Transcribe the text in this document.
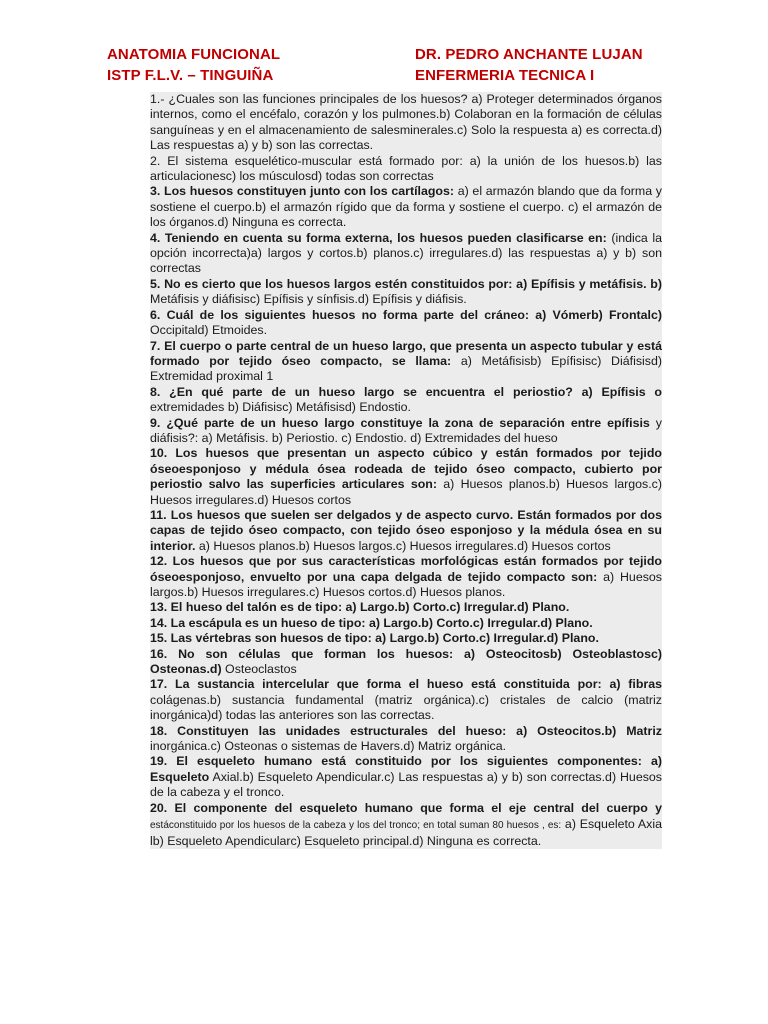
ANATOMIA FUNCIONAL
ISTP F.L.V. – TINGUIÑA
DR. PEDRO ANCHANTE LUJAN
ENFERMERIA TECNICA I
1.- ¿Cuales son las funciones principales de los huesos? a) Proteger determinados órganos internos, como el encéfalo, corazón y los pulmones.b) Colaboran en la formación de células sanguíneas y en el almacenamiento de salesminerales.c) Solo la respuesta a) es correcta.d) Las respuestas a) y b) son las correctas.
2. El sistema esquelético-muscular está formado por: a) la unión de los huesos.b) las articulacionesc) los músculosd) todas son correctas
3. Los huesos constituyen junto con los cartílagos: a) el armazón blando que da forma y sostiene el cuerpo.b) el armazón rígido que da forma y sostiene el cuerpo. c) el armazón de los órganos.d) Ninguna es correcta.
4. Teniendo en cuenta su forma externa, los huesos pueden clasificarse en: (indica la opción incorrecta)a) largos y cortos.b) planos.c) irregulares.d) las respuestas a) y b) son correctas
5. No es cierto que los huesos largos estén constituidos por: a) Epífisis y metáfisis. b) Metáfisis y diáfisisc) Epífisis y sínfisis.d) Epífisis y diáfisis.
6. Cuál de los siguientes huesos no forma parte del cráneo: a) Vómerb) Frontalc) Occipitald) Etmoides.
7. El cuerpo o parte central de un hueso largo, que presenta un aspecto tubular y está formado por tejido óseo compacto, se llama: a) Metáfisisb) Epífisisc) Diáfisisd) Extremidad proximal 1
8. ¿En qué parte de un hueso largo se encuentra el periostio? a) Epífisis o extremidades b) Diáfisisc) Metáfisisd) Endostio.
9. ¿Qué parte de un hueso largo constituye la zona de separación entre epífisis y diáfisis?: a) Metáfisis. b) Periostio. c) Endostio. d) Extremidades del hueso
10. Los huesos que presentan un aspecto cúbico y están formados por tejido óseoesponjoso y médula ósea rodeada de tejido óseo compacto, cubierto por periostio salvo las superficies articulares son: a) Huesos planos.b) Huesos largos.c) Huesos irregulares.d) Huesos cortos
11. Los huesos que suelen ser delgados y de aspecto curvo. Están formados por dos capas de tejido óseo compacto, con tejido óseo esponjoso y la médula ósea en su interior. a) Huesos planos.b) Huesos largos.c) Huesos irregulares.d) Huesos cortos
12. Los huesos que por sus características morfológicas están formados por tejido óseoesponjoso, envuelto por una capa delgada de tejido compacto son: a) Huesos largos.b) Huesos irregulares.c) Huesos cortos.d) Huesos planos.
13. El hueso del talón es de tipo: a) Largo.b) Corto.c) Irregular.d) Plano.
14. La escápula es un hueso de tipo: a) Largo.b) Corto.c) Irregular.d) Plano.
15. Las vértebras son huesos de tipo: a) Largo.b) Corto.c) Irregular.d) Plano.
16. No son células que forman los huesos: a) Osteocitosb) Osteoblastosc) Osteonas.d) Osteoclastos
17. La sustancia intercelular que forma el hueso está constituida por: a) fibras colágenas.b) sustancia fundamental (matriz orgánica).c) cristales de calcio (matriz inorgánica)d) todas las anteriores son las correctas.
18. Constituyen las unidades estructurales del hueso: a) Osteocitos.b) Matriz inorgánica.c) Osteonas o sistemas de Havers.d) Matriz orgánica.
19. El esqueleto humano está constituido por los siguientes componentes: a) Esqueleto Axial.b) Esqueleto Apendicular.c) Las respuestas a) y b) son correctas.d) Huesos de la cabeza y el tronco.
20. El componente del esqueleto humano que forma el eje central del cuerpo y estáconstituido por los huesos de la cabeza y los del tronco; en total suman 80 huesos , es: a) Esqueleto Axia lb) Esqueleto Apendicularc) Esqueleto principal.d) Ninguna es correcta.
